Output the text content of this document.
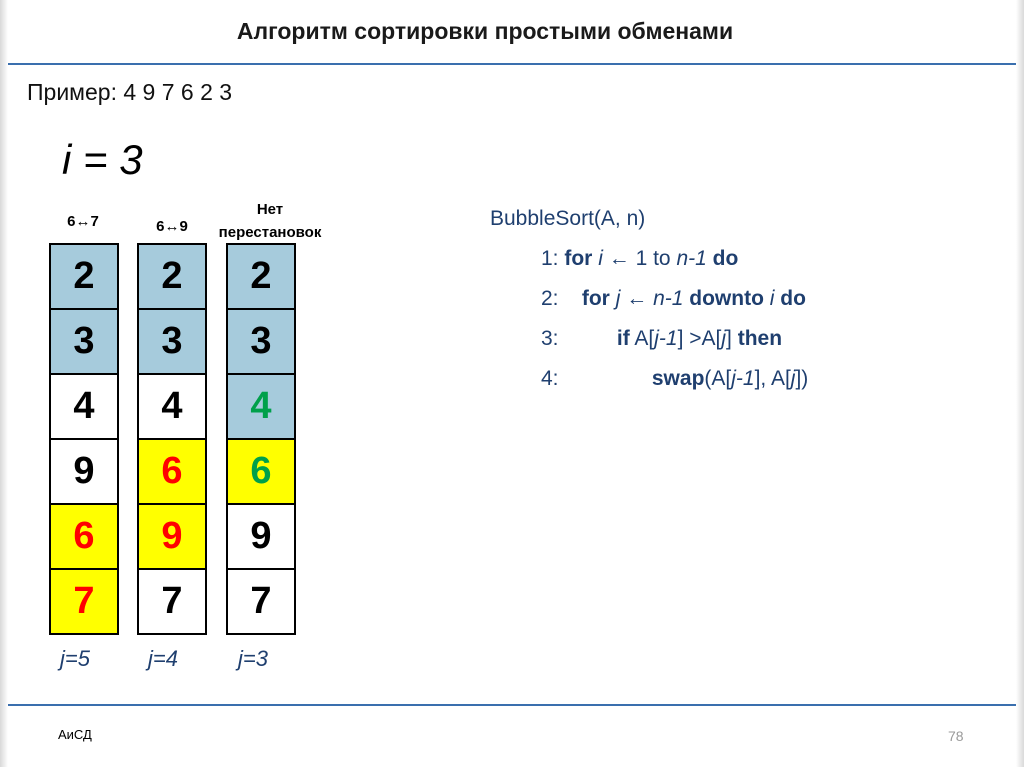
Алгоритм сортировки простыми обменами
Пример: 4 9 7 6 2 3
i = 3
6↔7	6↔9
Нет
перестановок
2
3
4
9
6
7
2
3
4
6
9
7
2
3
4
6
9
7
j=5	j=4	j=3
BubbleSort(A, n)
1: for i ← 1 to n-1 do
2: for j ← n-1 downto i do
3:	if A[j-1] >A[j] then
4:	swap(A[j-1], A[j])
АиСД	78
